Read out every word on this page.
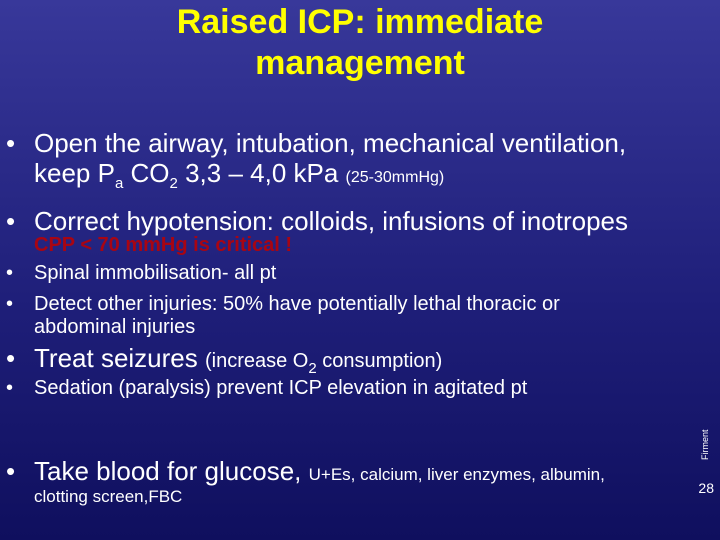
Raised ICP: immediate
management
• Open the airway, intubation, mechanical ventilation,
keep $P_a$ $CO_2$ 3,3 – 4,0 kPa (25-30mmHg)
• Correct hypotension: colloids, infusions of inotropes
CPP < 70 mmHg is critical !
• Spinal immobilisation- all pt
• Detect other injuries: 50% have potentially lethal thoracic or
abdominal injuries
• Treat seizures (increase $O_2$ consumption)
• Sedation (paralysis) prevent ICP elevation in agitated pt
• Take blood for glucose, U+Es, calcium, liver enzymes, albumin,
clotting screen,FBC
Firment
28
